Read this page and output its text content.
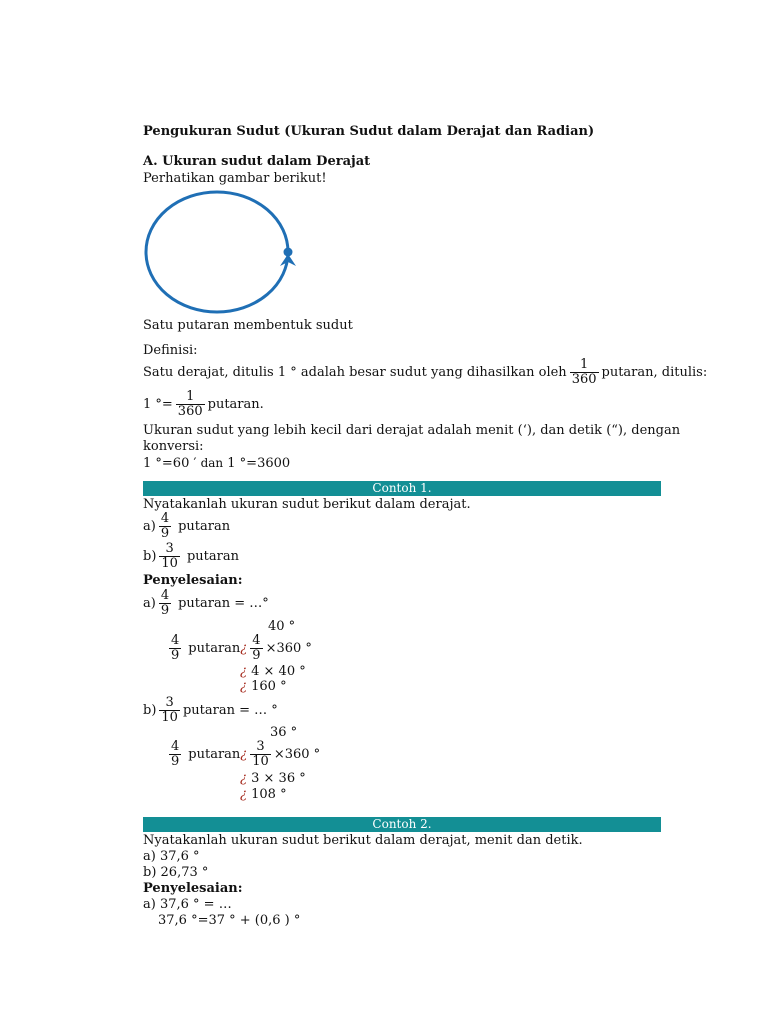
Pengukuran Sudut (Ukuran Sudut dalam Derajat dan Radian)
A. Ukuran sudut dalam Derajat
Perhatikan gambar berikut!
Satu putaran membentuk sudut
Definisi:
Satu derajat, ditulis 1 ° adalah besar sudut yang dihasilkan oleh $\frac{1}{360}$ putaran, ditulis:
1 °= $\frac{1}{360}$ putaran.
Ukuran sudut yang lebih kecil dari derajat adalah menit (‘), dan detik (“), dengan
konversi:
1 °=60 ′ dan 1 °=3600
Contoh 1.
Nyatakanlah ukuran sudut berikut dalam derajat.
$a) \frac{4}{9}$ putaran
$b) \frac{3}{10}$ putaran
Penyelesaian:
$a) \frac{4}{9}$ putaran = …°
40 °
$\frac{4}{9}$ putaran ¿ $\frac{4}{9} \times 360$ °
¿ 4 × 40 °
¿ 160 °
$b) \frac{3}{10}$ putaran = … °
36 °
$\frac{4}{9}$ putaran ¿ $\frac{3}{10} \times 360$ °
¿ 3 × 36 °
¿ 108 °
Contoh 2.
Nyatakanlah ukuran sudut berikut dalam derajat, menit dan detik.
a) 37,6 °
b) 26,73 °
Penyelesaian:
a) 37,6 ° = …
37,6 °=37 ° + (0,6 ) °
